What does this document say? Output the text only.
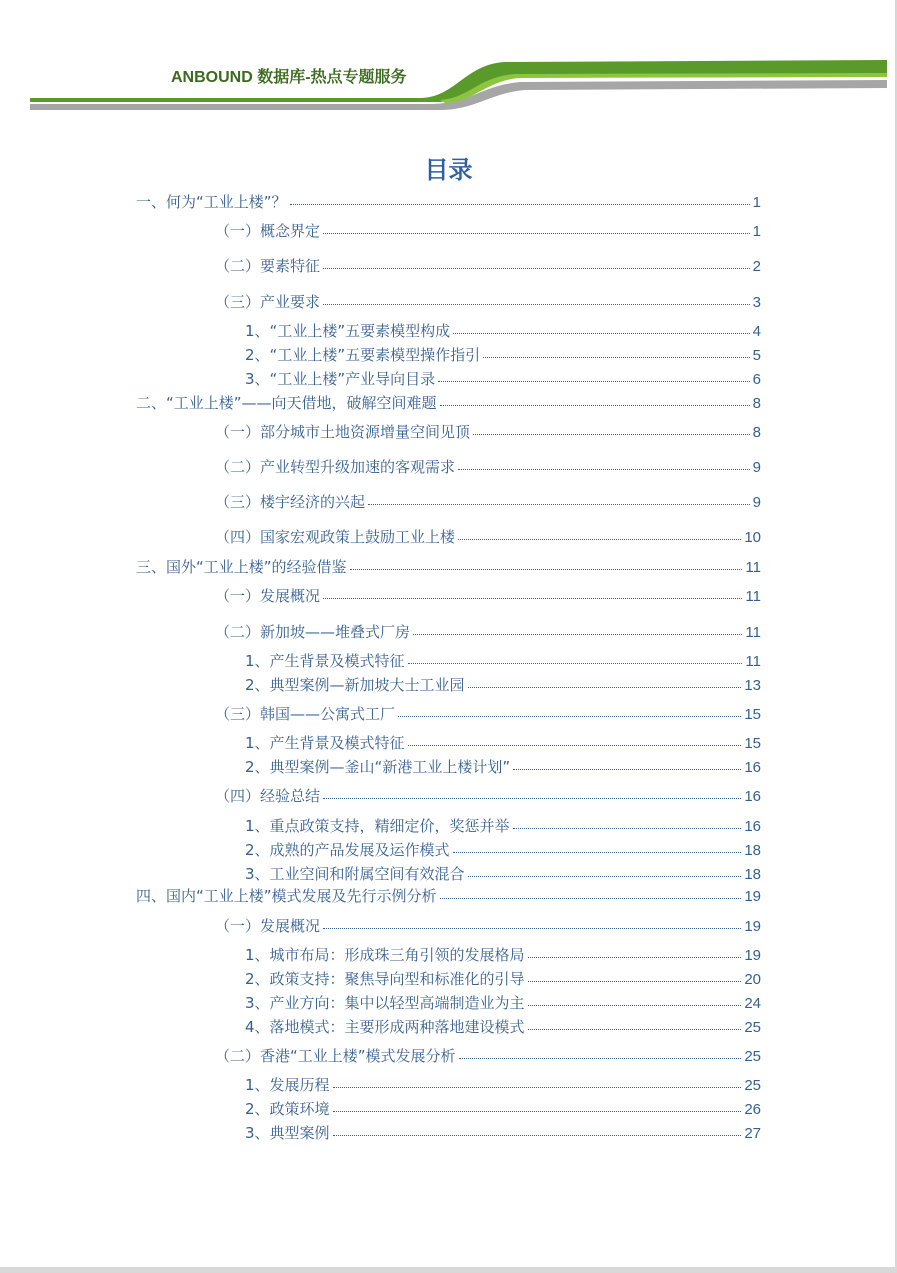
ANBOUND 数据库-热点专题服务
目录
一、何为“工业上楼”？	1
（一）概念界定	1
（二）要素特征	2
（三）产业要求	3
1、“工业上楼”五要素模型构成	4
2、“工业上楼”五要素模型操作指引	5
3、“工业上楼”产业导向目录	6
二、“工业上楼”——向天借地，破解空间难题	8
（一）部分城市土地资源增量空间见顶	8
（二）产业转型升级加速的客观需求	9
（三）楼宇经济的兴起	9
（四）国家宏观政策上鼓励工业上楼	10
三、国外“工业上楼”的经验借鉴	11
（一）发展概况	11
（二）新加坡——堆叠式厂房	11
1、产生背景及模式特征	11
2、典型案例—新加坡大士工业园	13
（三）韩国——公寓式工厂	15
1、产生背景及模式特征	15
2、典型案例—釜山“新港工业上楼计划”	16
（四）经验总结	16
1、重点政策支持，精细定价，奖惩并举	16
2、成熟的产品发展及运作模式	18
3、工业空间和附属空间有效混合	18
四、国内“工业上楼”模式发展及先行示例分析	19
（一）发展概况	19
1、城市布局：形成珠三角引领的发展格局	19
2、政策支持：聚焦导向型和标准化的引导	20
3、产业方向：集中以轻型高端制造业为主	24
4、落地模式：主要形成两种落地建设模式	25
（二）香港“工业上楼”模式发展分析	25
1、发展历程	25
2、政策环境	26
3、典型案例	27
